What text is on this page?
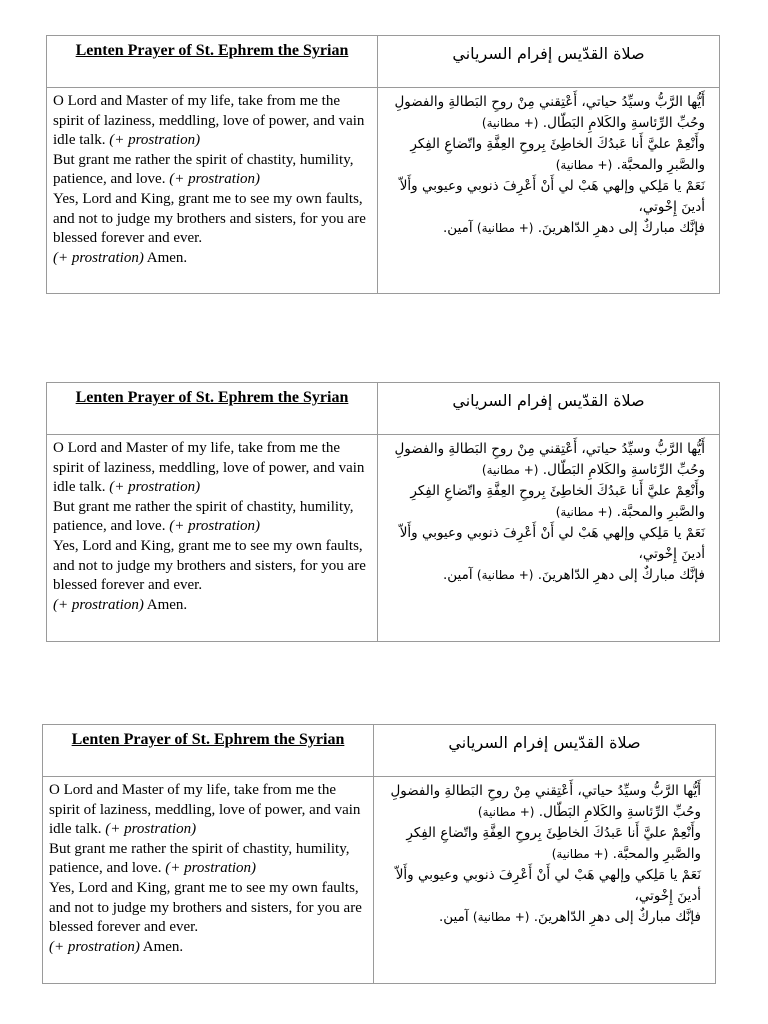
Lenten Prayer of St. Ephrem the Syrian	صلاة القدّيس إفرام السرياني
O Lord and Master of my life, take from me the spirit of laziness, meddling, love of power, and vain idle talk. (+ prostration)
But grant me rather the spirit of chastity, humility, patience, and love. (+ prostration)
Yes, Lord and King, grant me to see my own faults, and not to judge my brothers and sisters, for you are blessed forever and ever.
(+ prostration) Amen.
أَيُّها الرَّبُّ وسيِّدُ حياتي، أَعْتِقني مِنْ روحِ البَطالةِ والفضولِ وحُبِّ الرِّئاسةِ والكَلامِ البَطّال. (+ مطانية)
وأَنْعِمْ عليَّ أَنا عَبدُكَ الخاطِئَ بِروحِ العِفَّةِ واتّضاعِ الفِكرِ والصَّبرِ والمحبَّة. (+ مطانية)
نَعَمْ يا مَلِكي وإلهي هَبْ لي أَنْ أَعْرِفَ ذنوبي وعيوبي وأَلاّ أدينَ إِخْوتي،
فإنَّك مباركٌ إلى دهرِ الدّاهرينَ. (+ مطانية) آمين.
Lenten Prayer of St. Ephrem the Syrian	صلاة القدّيس إفرام السرياني
O Lord and Master of my life, take from me the spirit of laziness, meddling, love of power, and vain idle talk. (+ prostration)
But grant me rather the spirit of chastity, humility, patience, and love. (+ prostration)
Yes, Lord and King, grant me to see my own faults, and not to judge my brothers and sisters, for you are blessed forever and ever.
(+ prostration) Amen.
أَيُّها الرَّبُّ وسيِّدُ حياتي، أَعْتِقني مِنْ روحِ البَطالةِ والفضولِ وحُبِّ الرِّئاسةِ والكَلامِ البَطّال. (+ مطانية)
وأَنْعِمْ عليَّ أَنا عَبدُكَ الخاطِئَ بِروحِ العِفَّةِ واتّضاعِ الفِكرِ والصَّبرِ والمحبَّة. (+ مطانية)
نَعَمْ يا مَلِكي وإلهي هَبْ لي أَنْ أَعْرِفَ ذنوبي وعيوبي وأَلاّ أدينَ إِخْوتي،
فإنَّك مباركٌ إلى دهرِ الدّاهرينَ. (+ مطانية) آمين.
Lenten Prayer of St. Ephrem the Syrian	صلاة القدّيس إفرام السرياني
O Lord and Master of my life, take from me the spirit of laziness, meddling, love of power, and vain idle talk. (+ prostration)
But grant me rather the spirit of chastity, humility, patience, and love. (+ prostration)
Yes, Lord and King, grant me to see my own faults, and not to judge my brothers and sisters, for you are blessed forever and ever.
(+ prostration) Amen.
أَيُّها الرَّبُّ وسيِّدُ حياتي، أَعْتِقني مِنْ روحِ البَطالةِ والفضولِ وحُبِّ الرِّئاسةِ والكَلامِ البَطّال. (+ مطانية)
وأَنْعِمْ عليَّ أَنا عَبدُكَ الخاطِئَ بِروحِ العِفَّةِ واتّضاعِ الفِكرِ والصَّبرِ والمحبَّة. (+ مطانية)
نَعَمْ يا مَلِكي وإلهي هَبْ لي أَنْ أَعْرِفَ ذنوبي وعيوبي وأَلاّ أدينَ إِخْوتي،
فإنَّك مباركٌ إلى دهرِ الدّاهرينَ. (+ مطانية) آمين.
